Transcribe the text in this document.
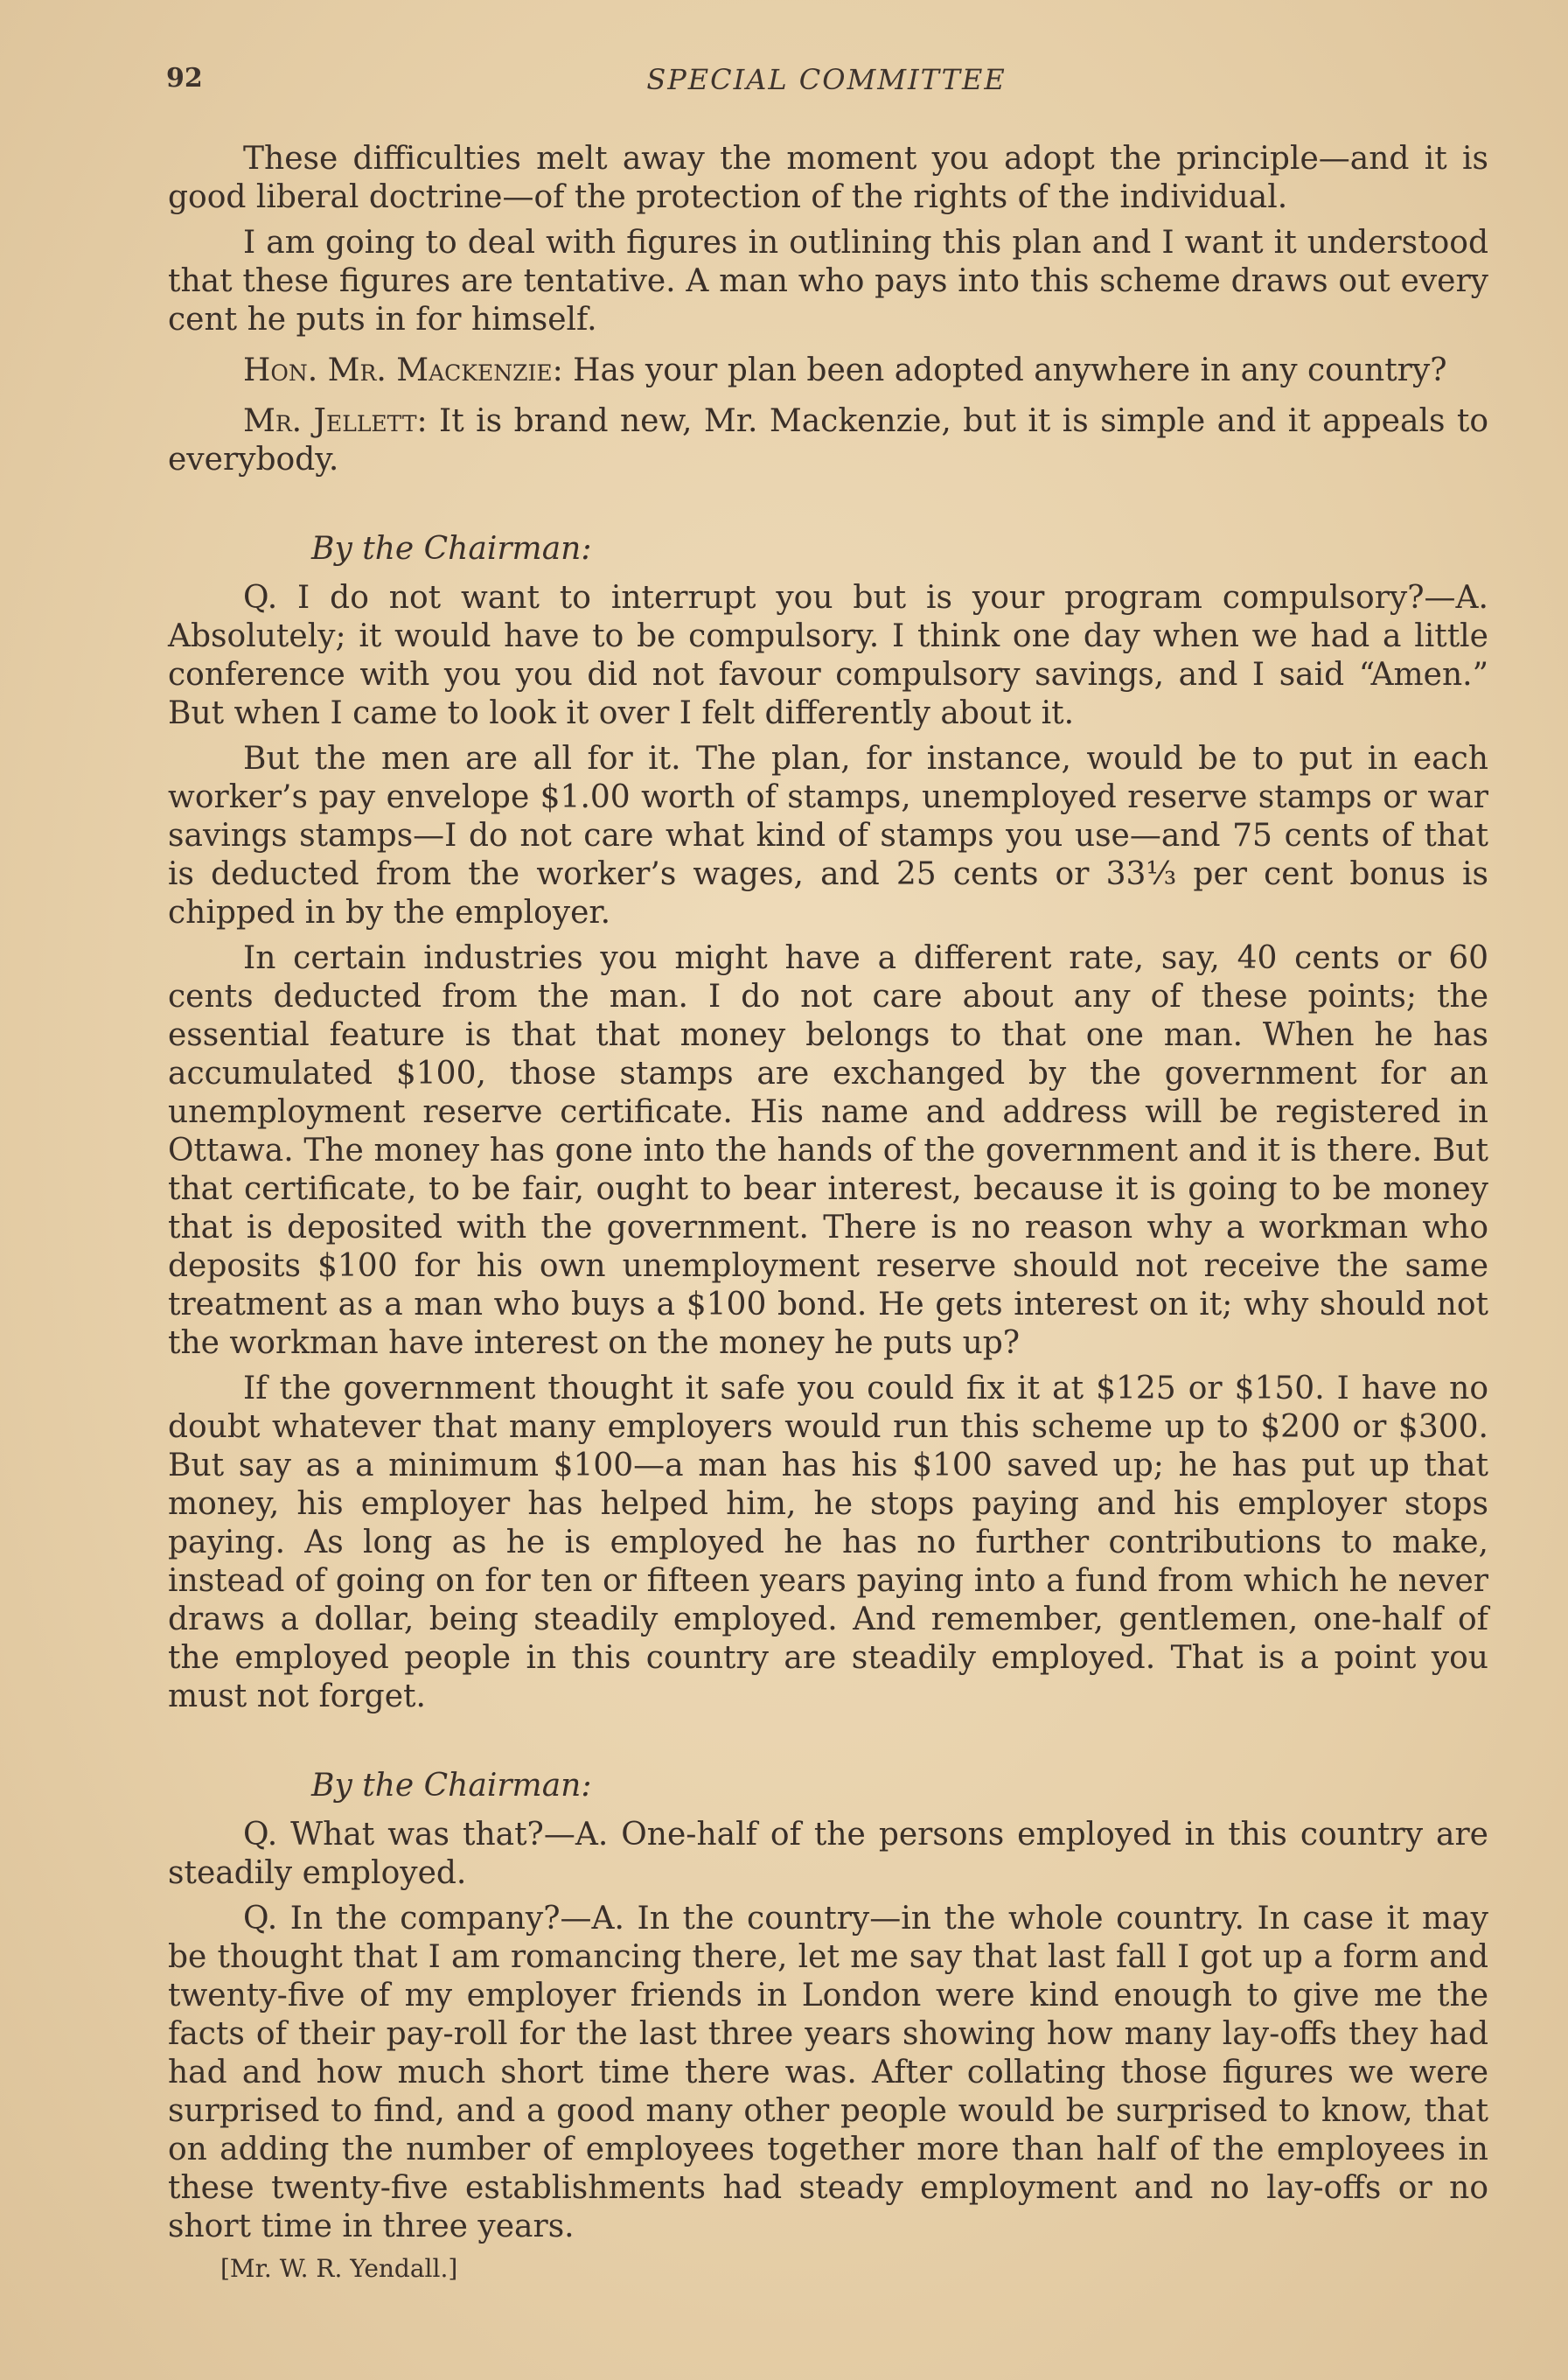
92	SPECIAL COMMITTEE

These difficulties melt away the moment you adopt the principle—and it is good liberal doctrine—of the protection of the rights of the individual.

I am going to deal with figures in outlining this plan and I want it understood that these figures are tentative. A man who pays into this scheme draws out every cent he puts in for himself.

Hon. Mr. Mackenzie: Has your plan been adopted anywhere in any country?

Mr. Jellett: It is brand new, Mr. Mackenzie, but it is simple and it appeals to everybody.

By the Chairman:

Q. I do not want to interrupt you but is your program compulsory?—A. Absolutely; it would have to be compulsory. I think one day when we had a little conference with you you did not favour compulsory savings, and I said “Amen.” But when I came to look it over I felt differently about it.

But the men are all for it. The plan, for instance, would be to put in each worker’s pay envelope $1.00 worth of stamps, unemployed reserve stamps or war savings stamps—I do not care what kind of stamps you use—and 75 cents of that is deducted from the worker’s wages, and 25 cents or 33⅓ per cent bonus is chipped in by the employer.

In certain industries you might have a different rate, say, 40 cents or 60 cents deducted from the man. I do not care about any of these points; the essential feature is that that money belongs to that one man. When he has accumulated $100, those stamps are exchanged by the government for an unemployment reserve certificate. His name and address will be registered in Ottawa. The money has gone into the hands of the government and it is there. But that certificate, to be fair, ought to bear interest, because it is going to be money that is deposited with the government. There is no reason why a workman who deposits $100 for his own unemployment reserve should not receive the same treatment as a man who buys a $100 bond. He gets interest on it; why should not the workman have interest on the money he puts up?

If the government thought it safe you could fix it at $125 or $150. I have no doubt whatever that many employers would run this scheme up to $200 or $300. But say as a minimum $100—a man has his $100 saved up; he has put up that money, his employer has helped him, he stops paying and his employer stops paying. As long as he is employed he has no further contributions to make, instead of going on for ten or fifteen years paying into a fund from which he never draws a dollar, being steadily employed. And remember, gentlemen, one-half of the employed people in this country are steadily employed. That is a point you must not forget.

By the Chairman:

Q. What was that?—A. One-half of the persons employed in this country are steadily employed.

Q. In the company?—A. In the country—in the whole country. In case it may be thought that I am romancing there, let me say that last fall I got up a form and twenty-five of my employer friends in London were kind enough to give me the facts of their pay-roll for the last three years showing how many lay-offs they had had and how much short time there was. After collating those figures we were surprised to find, and a good many other people would be surprised to know, that on adding the number of employees together more than half of the employees in these twenty-five establishments had steady employment and no lay-offs or no short time in three years.

[Mr. W. R. Yendall.]
